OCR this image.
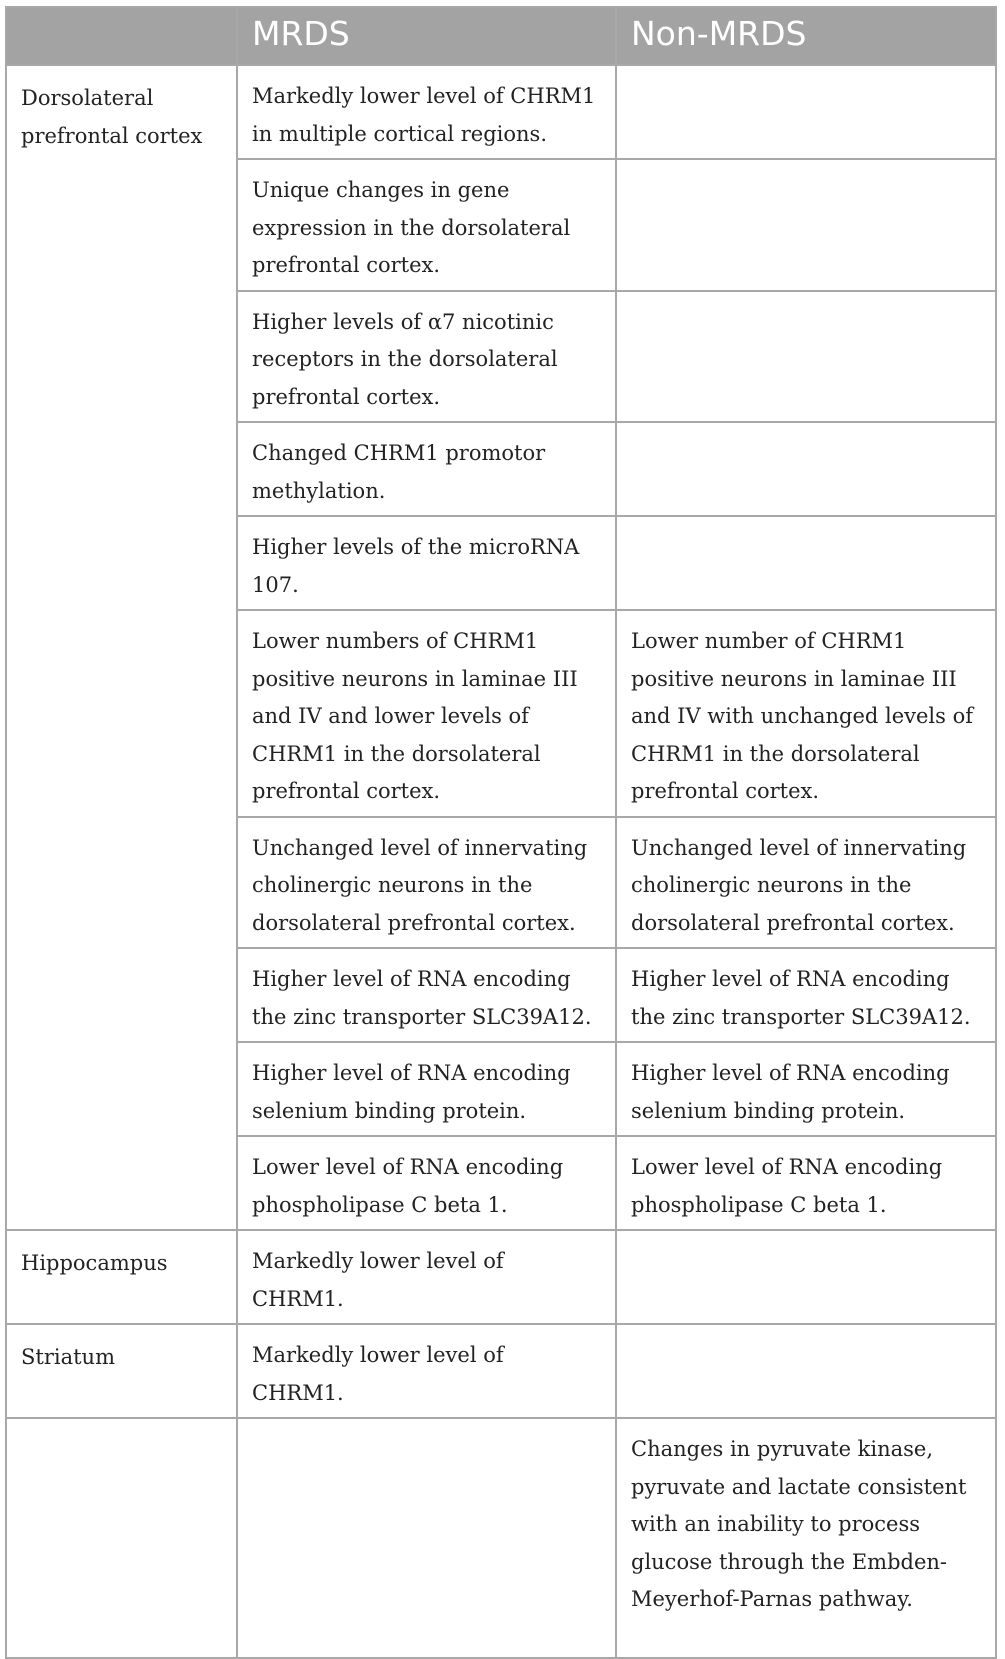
	MRDS	Non-MRDS
Dorsolateral prefrontal cortex	Markedly lower level of CHRM1 in multiple cortical regions.	
	Unique changes in gene expression in the dorsolateral prefrontal cortex.	
	Higher levels of α7 nicotinic receptors in the dorsolateral prefrontal cortex.	
	Changed CHRM1 promotor methylation.	
	Higher levels of the microRNA 107.	
	Lower numbers of CHRM1 positive neurons in laminae III and IV and lower levels of CHRM1 in the dorsolateral prefrontal cortex.	Lower number of CHRM1 positive neurons in laminae III and IV with unchanged levels of CHRM1 in the dorsolateral prefrontal cortex.
	Unchanged level of innervating cholinergic neurons in the dorsolateral prefrontal cortex.	Unchanged level of innervating cholinergic neurons in the dorsolateral prefrontal cortex.
	Higher level of RNA encoding the zinc transporter SLC39A12.	Higher level of RNA encoding the zinc transporter SLC39A12.
	Higher level of RNA encoding selenium binding protein.	Higher level of RNA encoding selenium binding protein.
	Lower level of RNA encoding phospholipase C beta 1.	Lower level of RNA encoding phospholipase C beta 1.
Hippocampus	Markedly lower level of CHRM1.	
Striatum	Markedly lower level of CHRM1.	
		Changes in pyruvate kinase, pyruvate and lactate consistent with an inability to process glucose through the Embden-Meyerhof-Parnas pathway.
